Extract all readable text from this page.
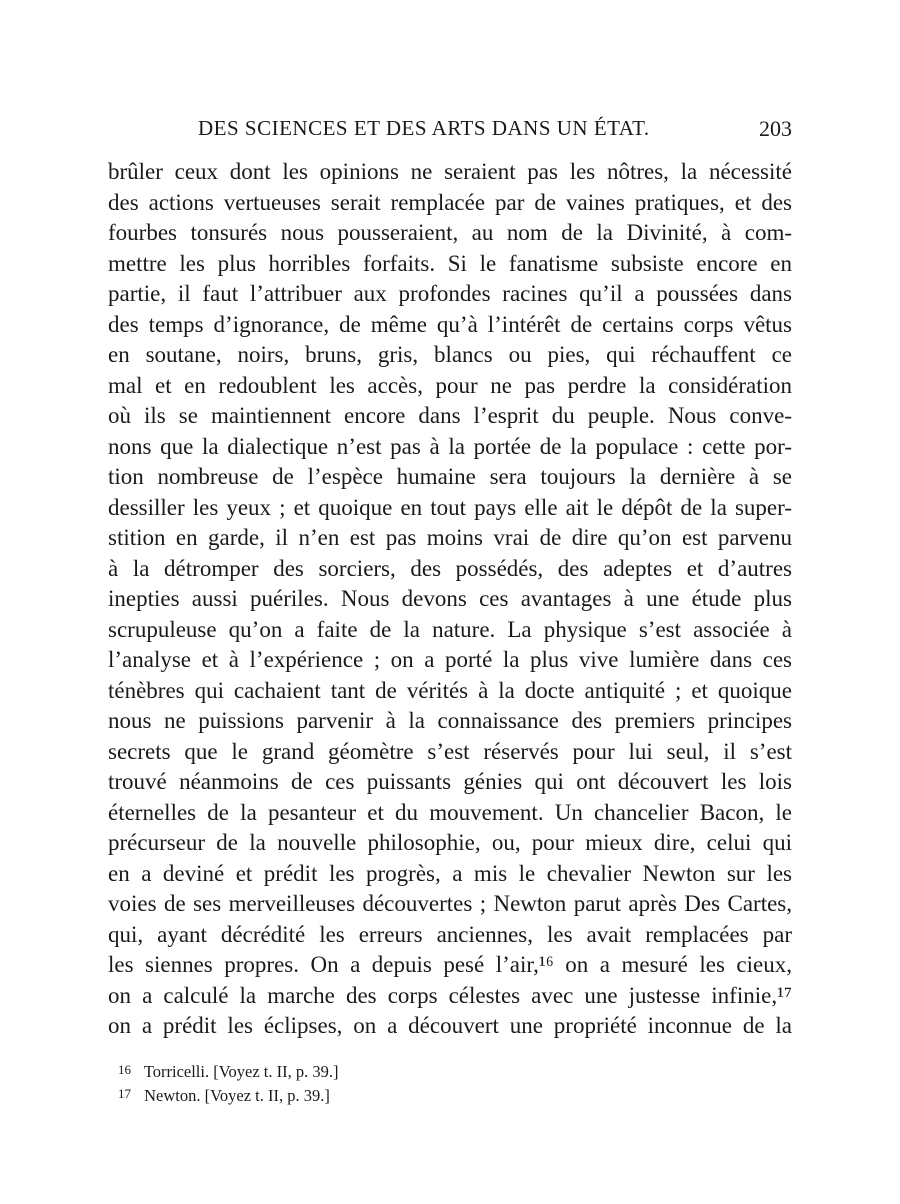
DES SCIENCES ET DES ARTS DANS UN ÉTAT.	203
brûler ceux dont les opinions ne seraient pas les nôtres, la nécessité
des actions vertueuses serait remplacée par de vaines pratiques, et des
fourbes tonsurés nous pousseraient, au nom de la Divinité, à com-
mettre les plus horribles forfaits. Si le fanatisme subsiste encore en
partie, il faut l’attribuer aux profondes racines qu’il a poussées dans
des temps d’ignorance, de même qu’à l’intérêt de certains corps vêtus
en soutane, noirs, bruns, gris, blancs ou pies, qui réchauffent ce
mal et en redoublent les accès, pour ne pas perdre la considération
où ils se maintiennent encore dans l’esprit du peuple. Nous conve-
nons que la dialectique n’est pas à la portée de la populace : cette por-
tion nombreuse de l’espèce humaine sera toujours la dernière à se
dessiller les yeux ; et quoique en tout pays elle ait le dépôt de la super-
stition en garde, il n’en est pas moins vrai de dire qu’on est parvenu
à la détromper des sorciers, des possédés, des adeptes et d’autres
inepties aussi puériles. Nous devons ces avantages à une étude plus
scrupuleuse qu’on a faite de la nature. La physique s’est associée à
l’analyse et à l’expérience ; on a porté la plus vive lumière dans ces
ténèbres qui cachaient tant de vérités à la docte antiquité ; et quoique
nous ne puissions parvenir à la connaissance des premiers principes
secrets que le grand géomètre s’est réservés pour lui seul, il s’est
trouvé néanmoins de ces puissants génies qui ont découvert les lois
éternelles de la pesanteur et du mouvement. Un chancelier Bacon, le
précurseur de la nouvelle philosophie, ou, pour mieux dire, celui qui
en a deviné et prédit les progrès, a mis le chevalier Newton sur les
voies de ses merveilleuses découvertes ; Newton parut après Des Cartes,
qui, ayant décrédité les erreurs anciennes, les avait remplacées par
les siennes propres. On a depuis pesé l’air,¹⁶ on a mesuré les cieux,
on a calculé la marche des corps célestes avec une justesse infinie,¹⁷
on a prédit les éclipses, on a découvert une propriété inconnue de la
16 Torricelli. [Voyez t. II, p. 39.]
17 Newton. [Voyez t. II, p. 39.]
